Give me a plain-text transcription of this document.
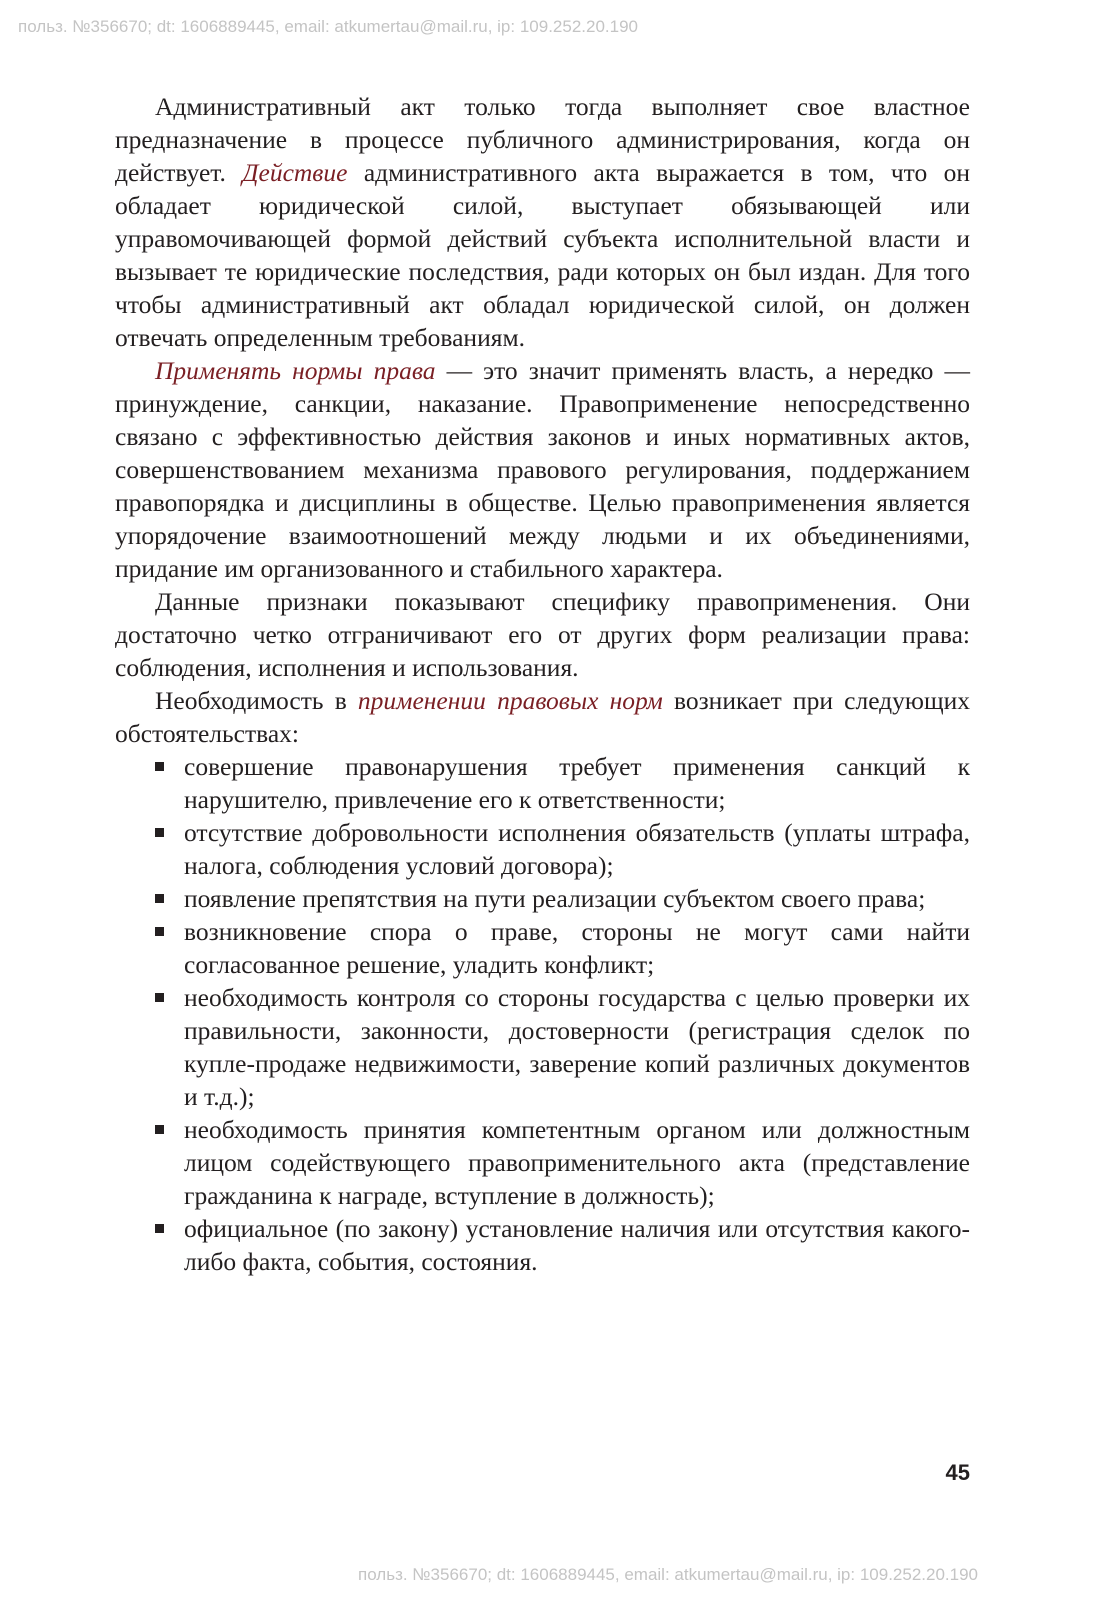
польз. №356670; dt: 1606889445, email: atkumertau@mail.ru, ip: 109.252.20.190

Административный акт только тогда выполняет свое властное предназначение в процессе публичного администрирования, когда он действует. Действие административного акта выражается в том, что он обладает юридической силой, выступает обязывающей или управомочивающей формой действий субъекта исполнительной власти и вызывает те юридические последствия, ради которых он был издан. Для того чтобы административный акт обладал юридической силой, он должен отвечать определенным требованиям.

Применять нормы права — это значит применять власть, а нередко — принуждение, санкции, наказание. Правоприменение непосредственно связано с эффективностью действия законов и иных нормативных актов, совершенствованием механизма правового регулирования, поддержанием правопорядка и дисциплины в обществе. Целью правоприменения является упорядочение взаимоотношений между людьми и их объединениями, придание им организованного и стабильного характера.

Данные признаки показывают специфику правоприменения. Они достаточно четко отграничивают его от других форм реализации права: соблюдения, исполнения и использования.

Необходимость в применении правовых норм возникает при следующих обстоятельствах:

совершение правонарушения требует применения санкций к нарушителю, привлечение его к ответственности;
отсутствие добровольности исполнения обязательств (уплаты штрафа, налога, соблюдения условий договора);
появление препятствия на пути реализации субъектом своего права;
возникновение спора о праве, стороны не могут сами найти согласованное решение, уладить конфликт;
необходимость контроля со стороны государства с целью проверки их правильности, законности, достоверности (регистрация сделок по купле-продаже недвижимости, заверение копий различных документов и т.д.);
необходимость принятия компетентным органом или должностным лицом содействующего правоприменительного акта (представление гражданина к награде, вступление в должность);
официальное (по закону) установление наличия или отсутствия какого-либо факта, события, состояния.
45
польз. №356670; dt: 1606889445, email: atkumertau@mail.ru, ip: 109.252.20.190
